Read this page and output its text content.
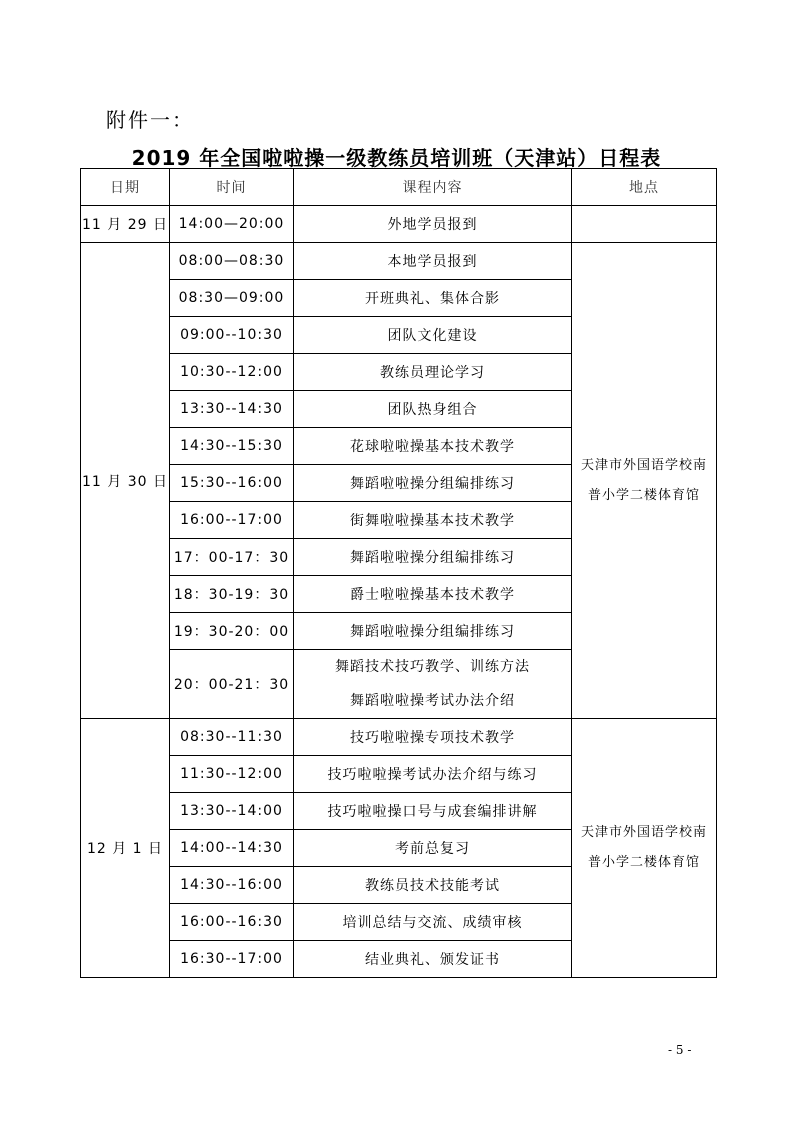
附件一：
2019 年全国啦啦操一级教练员培训班（天津站）日程表
日期	时间	课程内容	地点
11 月 29 日	14:00—20:00	外地学员报到	
11 月 30 日	08:00—08:30	本地学员报到	天津市外国语学校南
普小学二楼体育馆

	08:30—09:00	开班典礼、集体合影	
	09:00--10:30	团队文化建设	
	10:30--12:00	教练员理论学习	
	13:30--14:30	团队热身组合	
	14:30--15:30	花球啦啦操基本技术教学	
	15:30--16:00	舞蹈啦啦操分组编排练习	
	16:00--17:00	街舞啦啦操基本技术教学	
	17：00-17：30	舞蹈啦啦操分组编排练习	
	18：30-19：30	爵士啦啦操基本技术教学	
	19：30-20：00	舞蹈啦啦操分组编排练习	
	20：00-21：30	舞蹈技术技巧教学、训练方法
舞蹈啦啦操考试办法介绍	

12 月 1 日	08:30--11:30	技巧啦啦操专项技术教学	天津市外国语学校南
普小学二楼体育馆

	11:30--12:00	技巧啦啦操考试办法介绍与练习	
	13:30--14:00	技巧啦啦操口号与成套编排讲解	
	14:00--14:30	考前总复习	
	14:30--16:00	教练员技术技能考试	
	16:00--16:30	培训总结与交流、成绩审核	
	16:30--17:00	结业典礼、颁发证书	
- 5 -
